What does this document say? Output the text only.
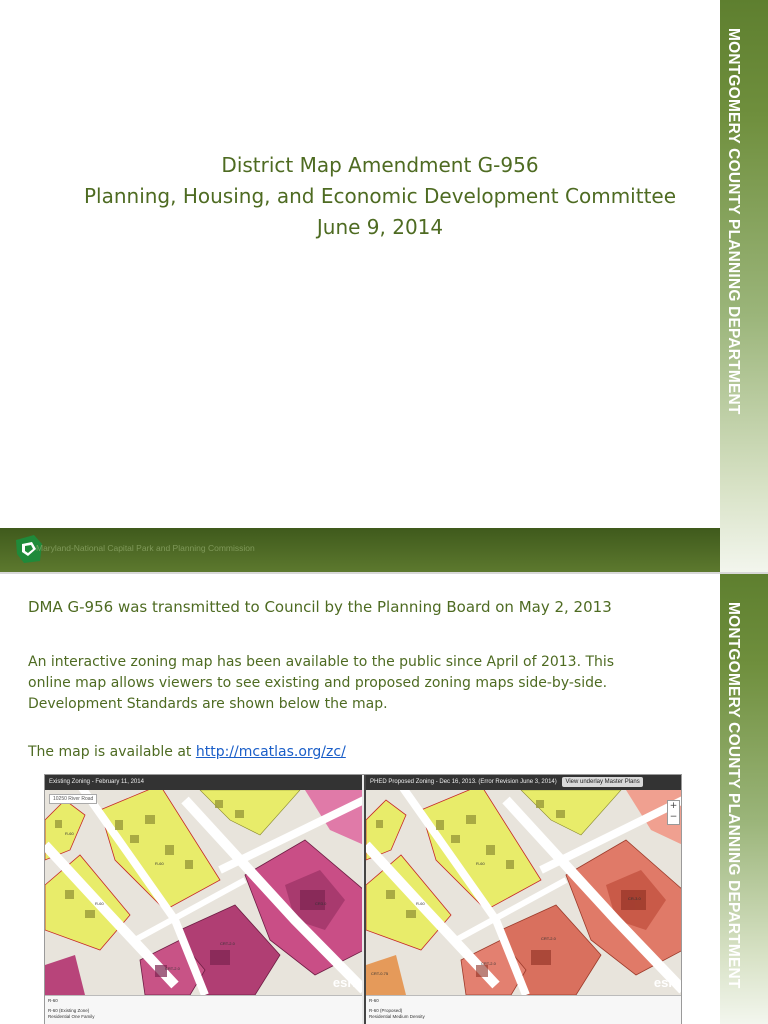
District Map Amendment G-956
Planning, Housing, and Economic Development Committee
June 9, 2014
Maryland-National Capital Park and Planning Commission
MONTGOMERY COUNTY PLANNING DEPARTMENT
DMA G-956 was transmitted to Council by the Planning Board on May 2, 2013
An interactive zoning map has been available to the public since April of 2013. This
online map allows viewers to see existing and proposed zoning maps side-by-side.
Development Standards are shown below the map.
The map is available at http://mcatlas.org/zc/
Existing Zoning - February 11, 2014
R-60
R-60	CR3.0
CRT-2.0
CRT-2.0
R-60
10250 River Road
esri
R-60
R-60 (Existing Zone)
Residential One Family
PHED Proposed Zoning - Dec 16, 2013. (Error Revision June 3, 2014) View underlay Master Plans
R-60
R-60
CR-3.0
CRT-2.0
CRT-2.0
CRT-0.75
+
−
esri
R-60
R-60 (Proposed)
Residential Medium Density
MONTGOMERY COUNTY PLANNING DEPARTMENT
